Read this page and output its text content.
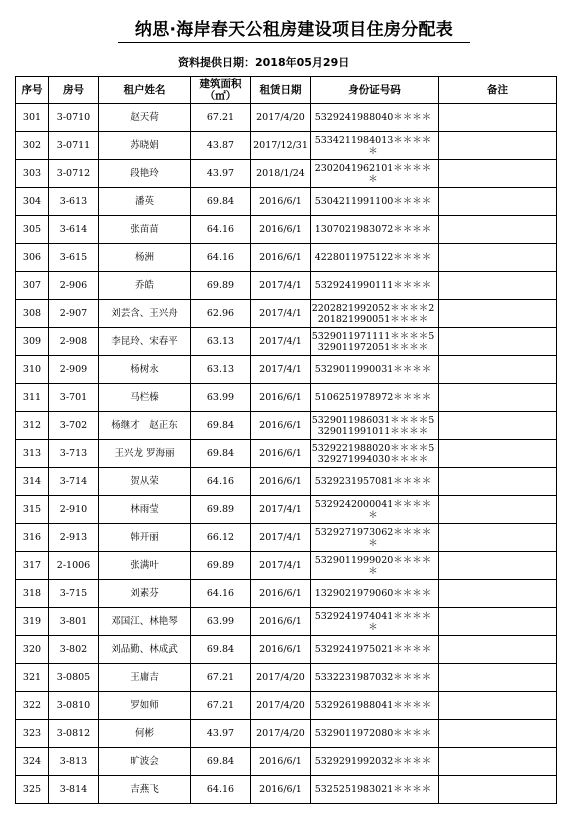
纳思·海岸春天公租房建设项目住房分配表
资料提供日期：2018年05月29日
序号	房号	租户姓名	建筑面积（㎡）	租赁日期	身份证号码	备注
301	3-0710	赵天荷	67.21	2017/4/20	5329241988040＊＊＊＊	

302	3-0711	苏晓娟	43.87	2017/12/31	5334211984013＊＊＊＊＊	

303	3-0712	段艳玲	43.97	2018/1/24	2302041962101＊＊＊＊＊	

304	3-613	潘英	69.84	2016/6/1	5304211991100＊＊＊＊	

305	3-614	张苗苗	64.16	2016/6/1	1307021983072＊＊＊＊	

306	3-615	杨洲	64.16	2016/6/1	4228011975122＊＊＊＊	

307	2-906	乔皓	69.89	2017/4/1	5329241990111＊＊＊＊	

308	2-907	刘芸含、王兴舟	62.96	2017/4/1	2202821992052＊＊＊＊2201821990051＊＊＊＊	

309	2-908	李昆玲、宋春平	63.13	2017/4/1	5329011971111＊＊＊＊5329011972051＊＊＊＊	

310	2-909	杨树永	63.13	2017/4/1	5329011990031＊＊＊＊	

311	3-701	马栏榛	63.99	2016/6/1	5106251978972＊＊＊＊	

312	3-702	杨继才　赵正东	69.84	2016/6/1	5329011986031＊＊＊＊5329011991011＊＊＊＊	

313	3-713	王兴龙 罗海丽	69.84	2016/6/1	5329221988020＊＊＊＊5329271994030＊＊＊＊	

314	3-714	贺从荣	64.16	2016/6/1	5329231957081＊＊＊＊	

315	2-910	林雨莹	69.89	2017/4/1	5329242000041＊＊＊＊＊	

316	2-913	韩开丽	66.12	2017/4/1	5329271973062＊＊＊＊＊	

317	2-1006	张满叶	69.89	2017/4/1	5329011999020＊＊＊＊＊	

318	3-715	刘素芬	64.16	2016/6/1	1329021979060＊＊＊＊	

319	3-801	邓国江、林艳琴	63.99	2016/6/1	5329241974041＊＊＊＊＊	

320	3-802	刘品勤、林成武	69.84	2016/6/1	5329241975021＊＊＊＊	

321	3-0805	王庸吉	67.21	2017/4/20	5332231987032＊＊＊＊	

322	3-0810	罗如师	67.21	2017/4/20	5329261988041＊＊＊＊	

323	3-0812	何彬	43.97	2017/4/20	5329011972080＊＊＊＊	

324	3-813	旷波会	69.84	2016/6/1	5329291992032＊＊＊＊	

325	3-814	吉燕飞	64.16	2016/6/1	5325251983021＊＊＊＊	
